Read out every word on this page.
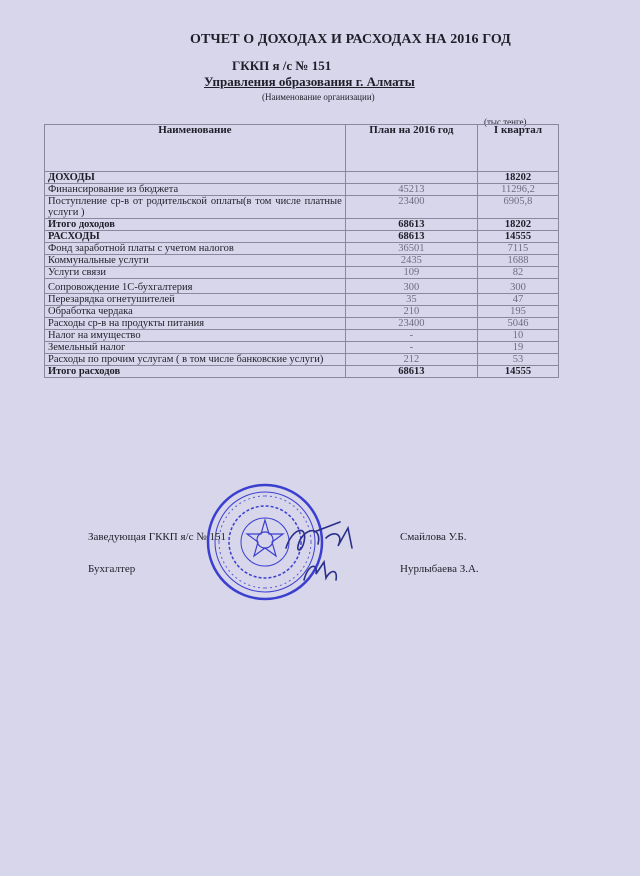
ОТЧЕТ О ДОХОДАХ И РАСХОДАХ НА 2016 ГОД
ГККП я /с № 151
Управления образования г. Алматы
(Наименование организации)
(тыс.тенге)
Наименование	План на 2016 год	I квартал
ДОХОДЫ		18202
Финансирование из бюджета	45213	11296,2
Поступление ср-в от родительской оплаты(в том числе платные услуги )	23400	6905,8
Итого доходов	68613	18202
РАСХОДЫ	68613	14555
Фонд заработной платы с учетом налогов	36501	7115
Коммунальные услуги	2435	1688
Услуги связи	109	82
Сопровождение 1С-бухгалтерия	300	300
Перезарядка огнетушителей	35	47
Обработка чердака	210	195
Расходы ср-в на продукты питания	23400	5046
Налог на имущество	-	10
Земельный налог	-	19
Расходы по прочим услугам ( в том числе банковские услуги)	212	53
Итого расходов	68613	14555
Заведующая ГККП я/с № 151	Смайлова У.Б.
Бухгалтер	Нурлыбаева З.А.
